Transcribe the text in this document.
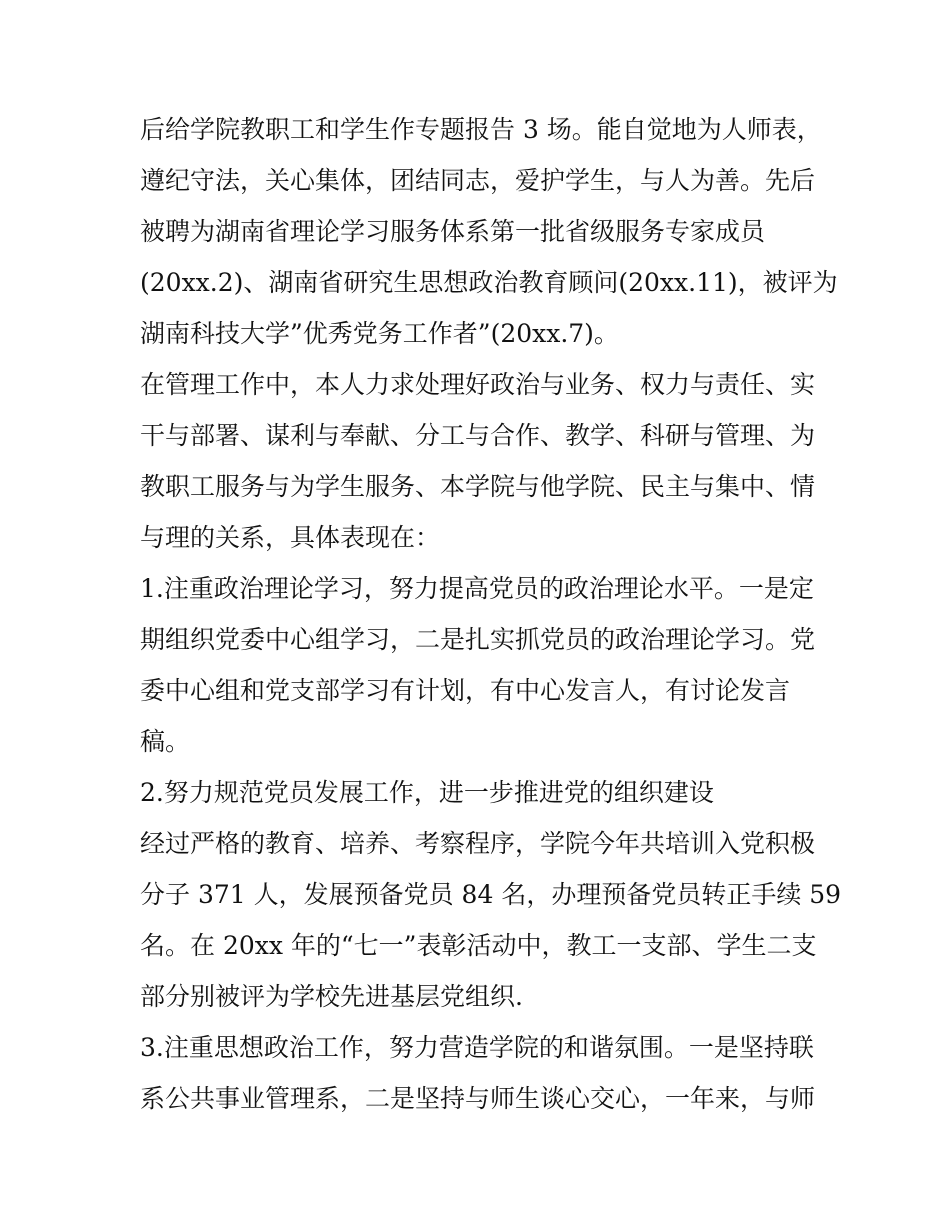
后给学院教职工和学生作专题报告 3 场。能自觉地为人师表，
遵纪守法，关心集体，团结同志，爱护学生，与人为善。先后
被聘为湖南省理论学习服务体系第一批省级服务专家成员
(20xx.2)、湖南省研究生思想政治教育顾问(20xx.11)，被评为
湖南科技大学”优秀党务工作者”(20xx.7)。
在管理工作中，本人力求处理好政治与业务、权力与责任、实
干与部署、谋利与奉献、分工与合作、教学、科研与管理、为
教职工服务与为学生服务、本学院与他学院、民主与集中、情
与理的关系，具体表现在：
1.注重政治理论学习，努力提高党员的政治理论水平。一是定
期组织党委中心组学习，二是扎实抓党员的政治理论学习。党
委中心组和党支部学习有计划，有中心发言人，有讨论发言
稿。
2.努力规范党员发展工作，进一步推进党的组织建设
经过严格的教育、培养、考察程序，学院今年共培训入党积极
分子 371 人，发展预备党员 84 名，办理预备党员转正手续 59
名。在 20xx 年的“七一”表彰活动中，教工一支部、学生二支
部分别被评为学校先进基层党组织.
3.注重思想政治工作，努力营造学院的和谐氛围。一是坚持联
系公共事业管理系，二是坚持与师生谈心交心，一年来，与师
